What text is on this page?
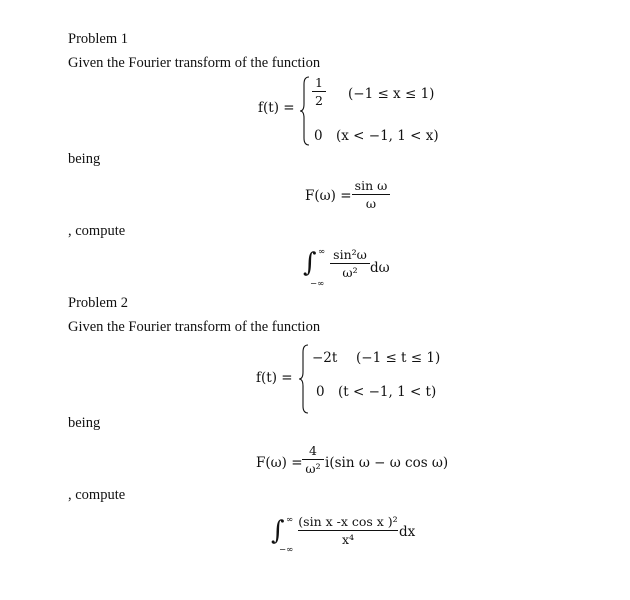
Problem 1
Given the Fourier transform of the function
f(t) =
1
2 (−1 ≤ x ≤ 1)
0 (x < −1, 1 < x)
being
F(ω) =
sin ω
ω
, compute
∫ ∞
−∞
sin²ω
ω² dω
Problem 2
Given the Fourier transform of the function
f(t) =
−2t (−1 ≤ t ≤ 1)
0 (t < −1, 1 < t)
being
F(ω) =
4
ω² i(sin ω − ω cos ω)
, compute
∫ ∞
−∞
(sin x -x cos x )²
x⁴	dx
